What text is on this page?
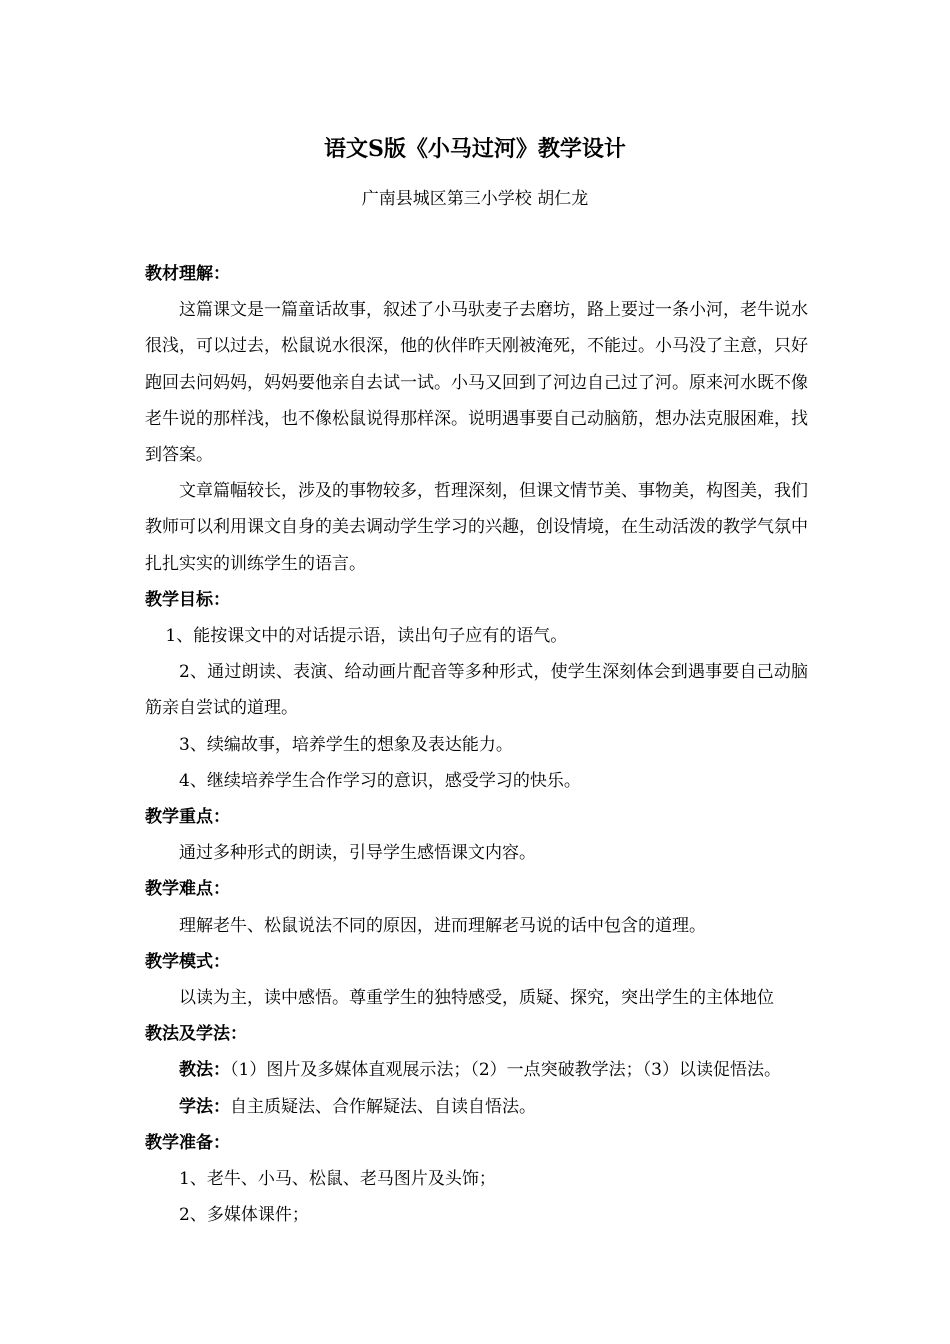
语文S版《小马过河》教学设计
广南县城区第三小学校 胡仁龙

教材理解：

这篇课文是一篇童话故事，叙述了小马驮麦子去磨坊，路上要过一条小河，老牛说水很浅，可以过去，松鼠说水很深，他的伙伴昨天刚被淹死，不能过。小马没了主意，只好跑回去问妈妈，妈妈要他亲自去试一试。小马又回到了河边自己过了河。原来河水既不像老牛说的那样浅，也不像松鼠说得那样深。说明遇事要自己动脑筋，想办法克服困难，找到答案。

文章篇幅较长，涉及的事物较多，哲理深刻，但课文情节美、事物美，构图美，我们教师可以利用课文自身的美去调动学生学习的兴趣，创设情境，在生动活泼的教学气氛中扎扎实实的训练学生的语言。

教学目标：

1、能按课文中的对话提示语，读出句子应有的语气。

2、通过朗读、表演、给动画片配音等多种形式，使学生深刻体会到遇事要自己动脑筋亲自尝试的道理。

3、续编故事，培养学生的想象及表达能力。

4、继续培养学生合作学习的意识，感受学习的快乐。

教学重点：

通过多种形式的朗读，引导学生感悟课文内容。

教学难点：

理解老牛、松鼠说法不同的原因，进而理解老马说的话中包含的道理。

教学模式：

以读为主，读中感悟。尊重学生的独特感受，质疑、探究，突出学生的主体地位

教法及学法：

教法：（1）图片及多媒体直观展示法；（2）一点突破教学法；（3）以读促悟法。

学法：自主质疑法、合作解疑法、自读自悟法。

教学准备：

1、老牛、小马、松鼠、老马图片及头饰；

2、多媒体课件；
